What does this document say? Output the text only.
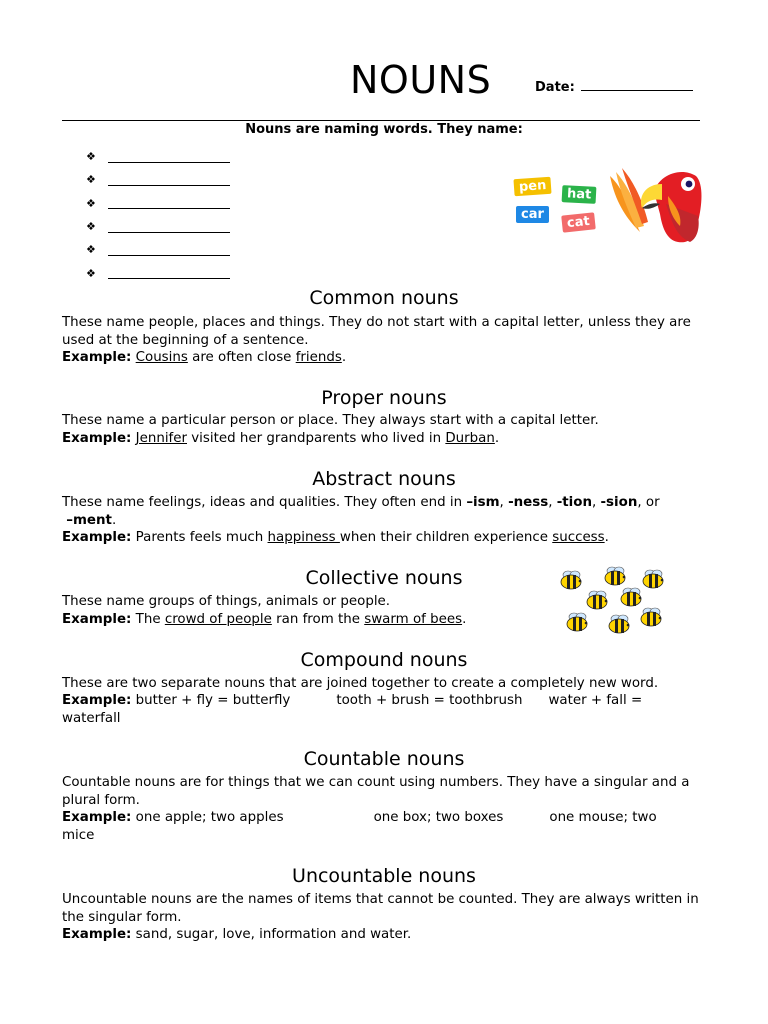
NOUNS	Date:
Nouns are naming words. They name:
❖
❖
❖
❖
❖
❖
pen	hat
car	cat
Common nouns

These name people, places and things. They do not start with a capital letter, unless they are used at the beginning of a sentence.

Example: Cousins are often close friends.

Proper nouns

These name a particular person or place. They always start with a capital letter.

Example: Jennifer visited her grandparents who lived in Durban.

Abstract nouns

These name feelings, ideas and qualities. They often end in –ism, -ness, -tion, -sion, or
–ment.

Example: Parents feels much happiness when their children experience success.

Collective nouns

These name groups of things, animals or people.

Example: The crowd of people ran from the swarm of bees.

Compound nouns

These are two separate nouns that are joined together to create a completely new word.

Example: butter + fly = butterfly	tooth + brush = toothbrush water + fall =
waterfall

Countable nouns

Countable nouns are for things that we can count using numbers. They have a singular and a plural form.

Example: one apple; two apples	one box; two boxes	one mouse; two
mice

Uncountable nouns

Uncountable nouns are the names of items that cannot be counted. They are always written in the singular form.

Example: sand, sugar, love, information and water.
